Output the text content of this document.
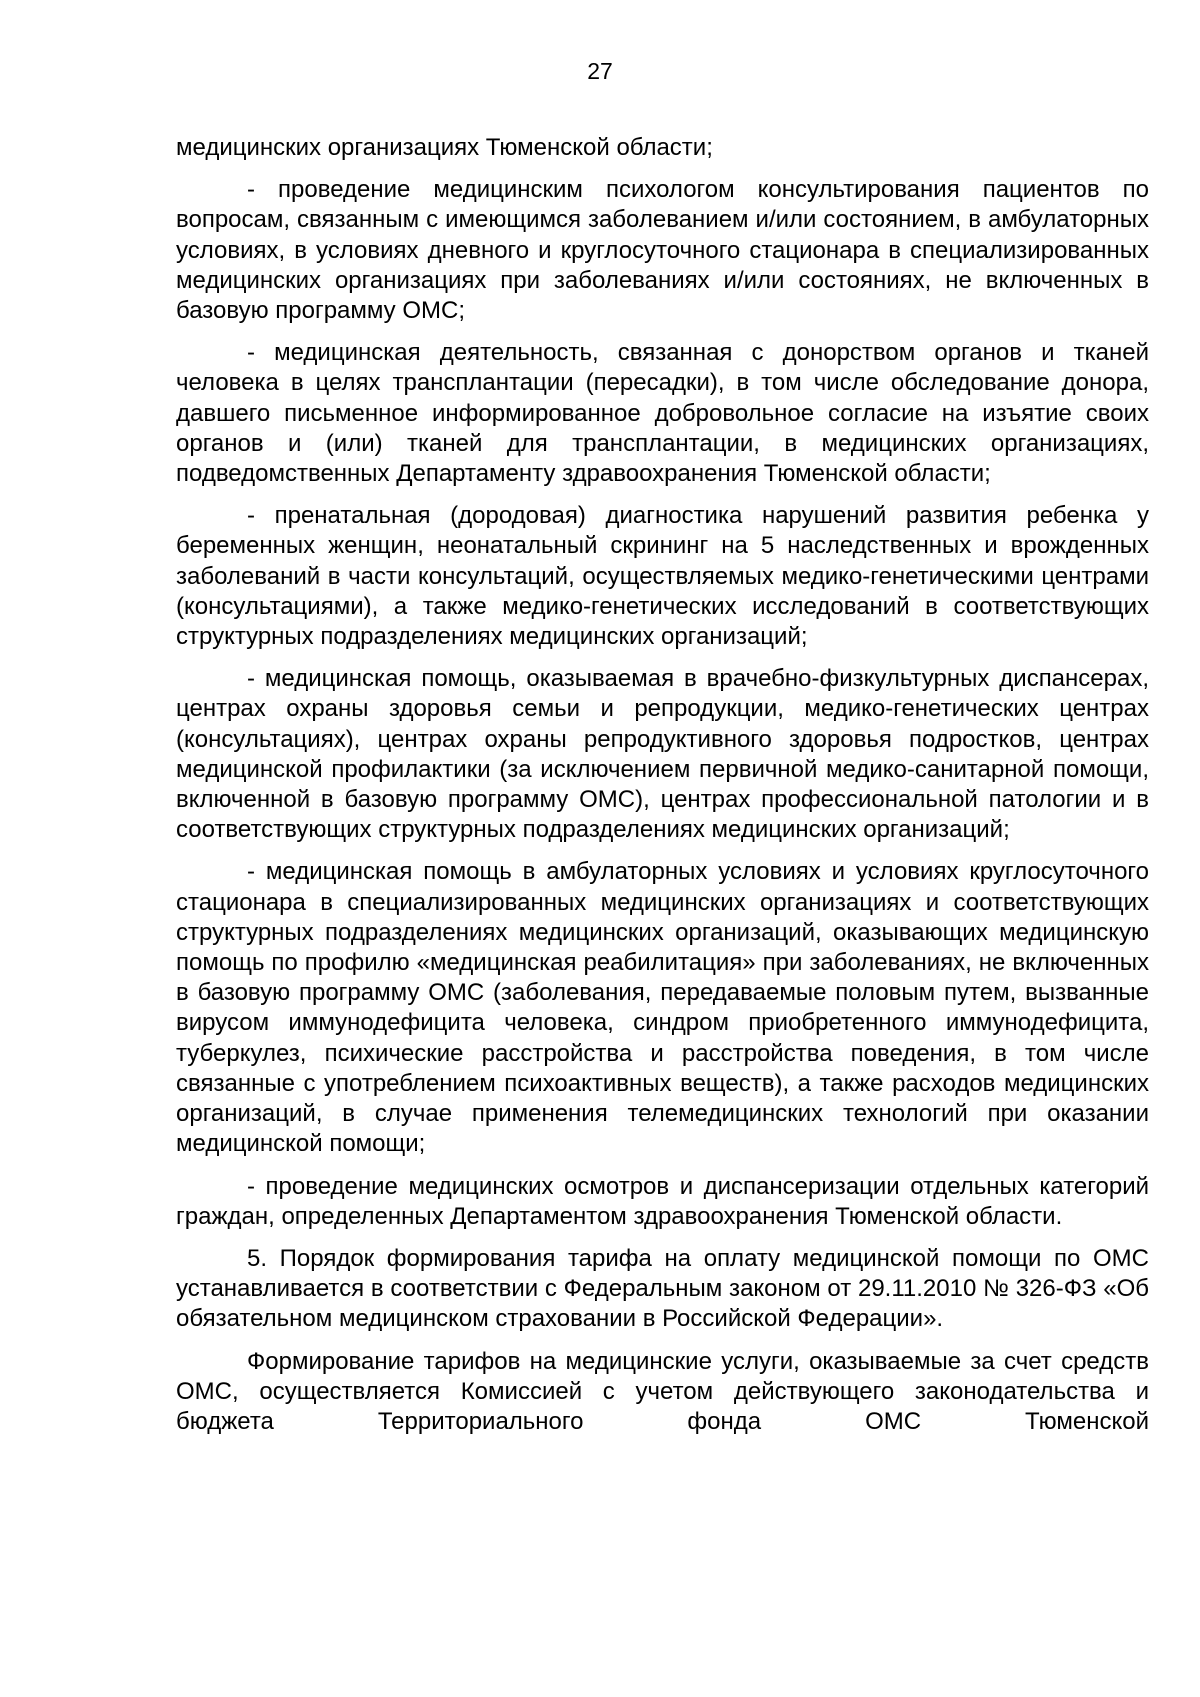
27

медицинских организациях Тюменской области;

- проведение медицинским психологом консультирования пациентов по вопросам, связанным с имеющимся заболеванием и/или состоянием, в амбулаторных условиях, в условиях дневного и круглосуточного стационара в специализированных медицинских организациях при заболеваниях и/или состояниях, не включенных в базовую программу ОМС;

- медицинская деятельность, связанная с донорством органов и тканей человека в целях трансплантации (пересадки), в том числе обследование донора, давшего письменное информированное добровольное согласие на изъятие своих органов и (или) тканей для трансплантации, в медицинских организациях, подведомственных Департаменту здравоохранения Тюменской области;

- пренатальная (дородовая) диагностика нарушений развития ребенка у беременных женщин, неонатальный скрининг на 5 наследственных и врожденных заболеваний в части консультаций, осуществляемых медико-генетическими центрами (консультациями), а также медико-генетических исследований в соответствующих структурных подразделениях медицинских организаций;

- медицинская помощь, оказываемая в врачебно-физкультурных диспансерах, центрах охраны здоровья семьи и репродукции, медико-генетических центрах (консультациях), центрах охраны репродуктивного здоровья подростков, центрах медицинской профилактики (за исключением первичной медико-санитарной помощи, включенной в базовую программу ОМС), центрах профессиональной патологии и в соответствующих структурных подразделениях медицинских организаций;

- медицинская помощь в амбулаторных условиях и условиях круглосуточного стационара в специализированных медицинских организациях и соответствующих структурных подразделениях медицинских организаций, оказывающих медицинскую помощь по профилю «медицинская реабилитация» при заболеваниях, не включенных в базовую программу ОМС (заболевания, передаваемые половым путем, вызванные вирусом иммунодефицита человека, синдром приобретенного иммунодефицита, туберкулез, психические расстройства и расстройства поведения, в том числе связанные с употреблением психоактивных веществ), а также расходов медицинских организаций, в случае применения телемедицинских технологий при оказании медицинской помощи;

- проведение медицинских осмотров и диспансеризации отдельных категорий граждан, определенных Департаментом здравоохранения Тюменской области.

5. Порядок формирования тарифа на оплату медицинской помощи по ОМС устанавливается в соответствии с Федеральным законом от 29.11.2010 № 326-ФЗ «Об обязательном медицинском страховании в Российской Федерации».

Формирование тарифов на медицинские услуги, оказываемые за счет средств ОМС, осуществляется Комиссией с учетом действующего законодательства и бюджета Территориального фонда ОМС Тюменской
